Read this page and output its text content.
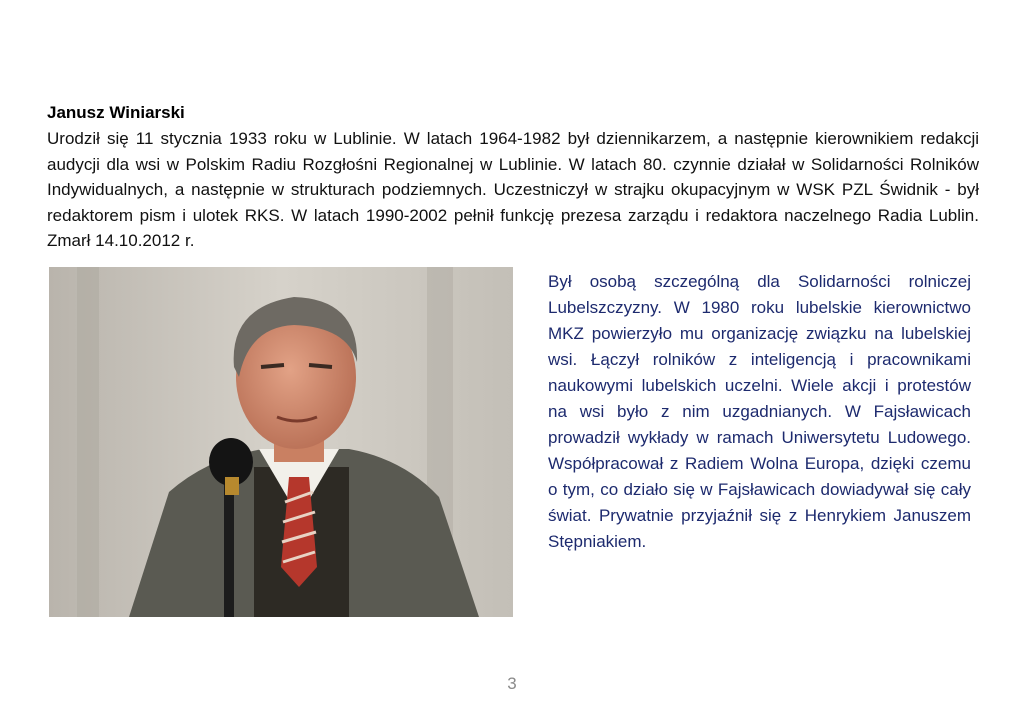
Janusz Winiarski

Urodził się 11 stycznia 1933 roku w Lublinie. W latach 1964-1982 był dziennikarzem, a następnie kierownikiem redakcji audycji dla wsi w Polskim Radiu Rozgłośni Regionalnej w Lublinie. W latach 80. czynnie działał w Solidarności Rolników Indywidualnych, a następnie w strukturach podziemnych. Uczestniczył w strajku okupacyjnym w WSK PZL Świdnik - był redaktorem pism i ulotek RKS. W latach 1990-2002 pełnił funkcję prezesa zarządu i redaktora naczelnego Radia Lublin. Zmarł 14.10.2012 r.

Był osobą szczególną dla Solidarności rolniczej Lubelszczyzny. W 1980 roku lubelskie kierownictwo MKZ powierzyło mu organizację związku na lubelskiej wsi. Łączył rolników z inteligencją i pracownikami naukowymi lubelskich uczelni. Wiele akcji i protestów na wsi było z nim uzgadnianych. W Fajsławicach prowadził wykłady w ramach Uniwersytetu Ludowego. Współpracował z Radiem Wolna Europa, dzięki czemu o tym, co działo się w Fajsławicach dowiadywał się cały świat. Prywatnie przyjaźnił się z Henrykiem Januszem Stępniakiem.

3
